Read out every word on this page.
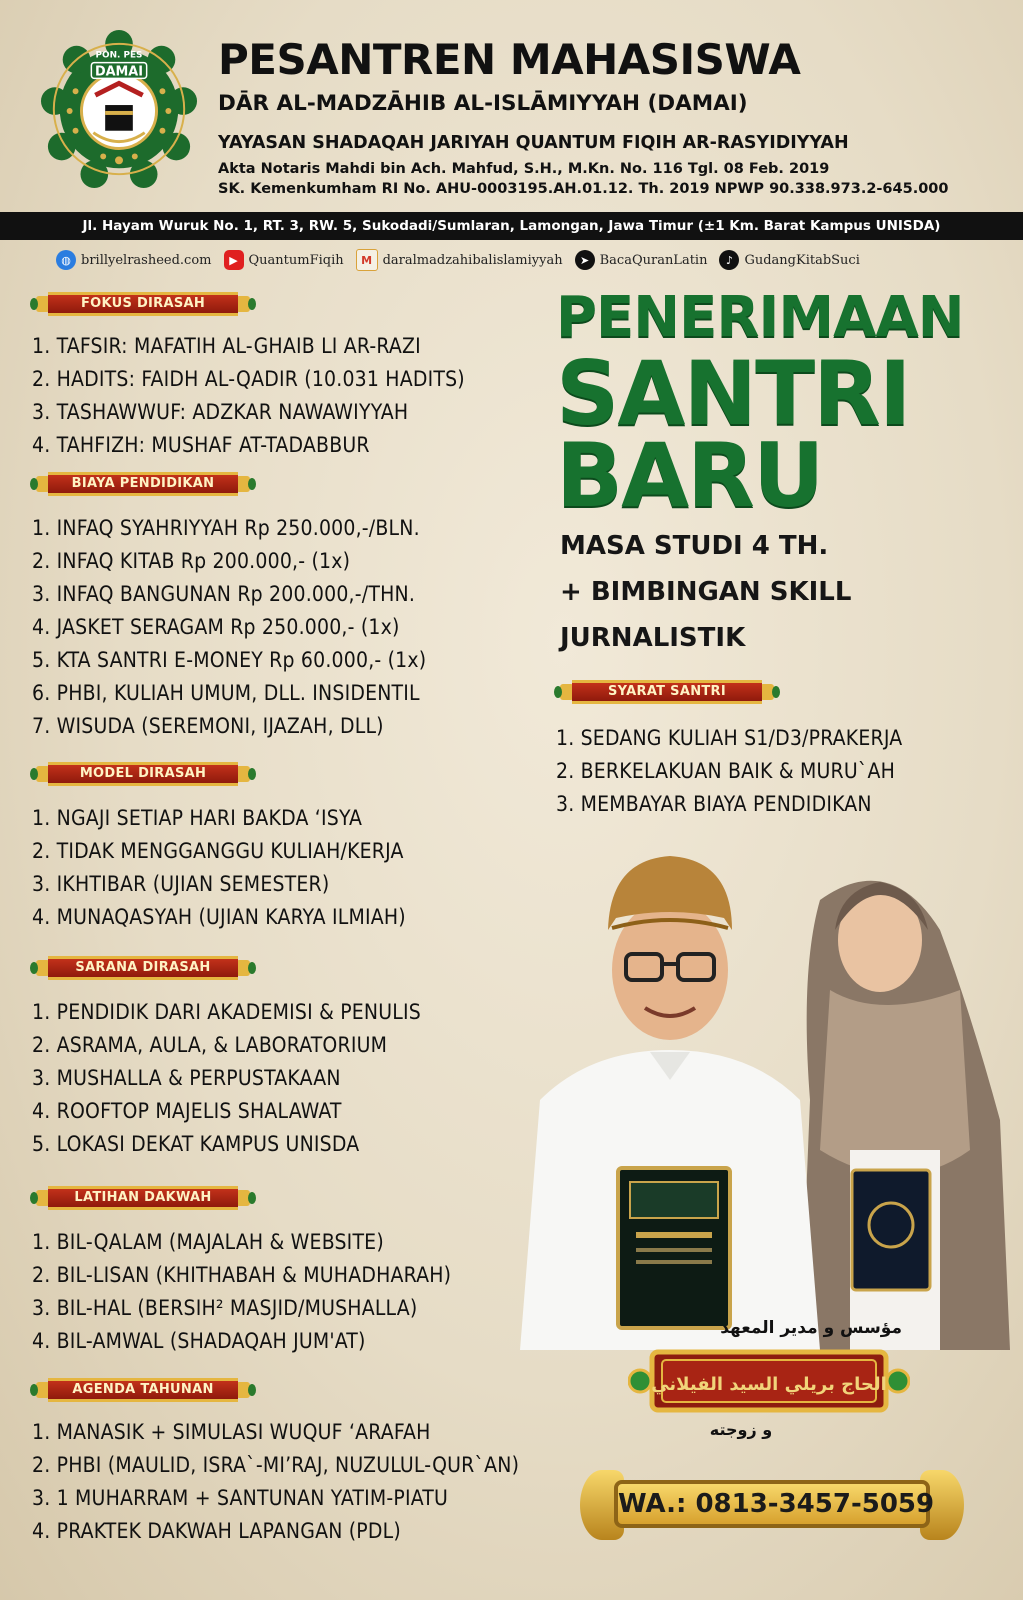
PON. PES
DAMAI PESANTREN MAHASISWA
DĀR AL-MADZĀHIB AL-ISLĀMIYYAH (DAMAI)
YAYASAN SHADAQAH JARIYAH QUANTUM FIQIH AR-RASYIDIYYAH
Akta Notaris Mahdi bin Ach. Mahfud, S.H., M.Kn. No. 116 Tgl. 08 Feb. 2019
SK. Kemenkumham RI No. AHU-0003195.AH.01.12. Th. 2019 NPWP 90.338.973.2-645.000
Jl. Hayam Wuruk No. 1, RT. 3, RW. 5, Sukodadi/Sumlaran, Lamongan, Jawa Timur (±1 Km. Barat Kampus UNISDA)
◍ brillyelrasheed.com	▶ QuantumFiqih	M daralmadzahibalislamiyyah	➤ BacaQuranLatin	♪ GudangKitabSuci
FOKUS DIRASAH
1. TAFSIR: MAFATIH AL-GHAIB LI AR-RAZI
2. HADITS: FAIDH AL-QADIR (10.031 HADITS)
3. TASHAWWUF: ADZKAR NAWAWIYYAH
4. TAHFIZH: MUSHAF AT-TADABBUR
BIAYA PENDIDIKAN
1. INFAQ SYAHRIYYAH Rp 250.000,-/BLN.
2. INFAQ KITAB Rp 200.000,- (1x)
3. INFAQ BANGUNAN Rp 200.000,-/THN.
4. JASKET SERAGAM Rp 250.000,- (1x)
5. KTA SANTRI E-MONEY Rp 60.000,- (1x)
6. PHBI, KULIAH UMUM, DLL. INSIDENTIL
7. WISUDA (SEREMONI, IJAZAH, DLL)
MODEL DIRASAH
1. NGAJI SETIAP HARI BAKDA ‘ISYA
2. TIDAK MENGGANGGU KULIAH/KERJA
3. IKHTIBAR (UJIAN SEMESTER)
4. MUNAQASYAH (UJIAN KARYA ILMIAH)
SARANA DIRASAH
1. PENDIDIK DARI AKADEMISI & PENULIS
2. ASRAMA, AULA, & LABORATORIUM
3. MUSHALLA & PERPUSTAKAAN
4. ROOFTOP MAJELIS SHALAWAT
5. LOKASI DEKAT KAMPUS UNISDA
LATIHAN DAKWAH
1. BIL-QALAM (MAJALAH & WEBSITE)
2. BIL-LISAN (KHITHABAH & MUHADHARAH)
3. BIL-HAL (BERSIH² MASJID/MUSHALLA)
4. BIL-AMWAL (SHADAQAH JUM'AT)
AGENDA TAHUNAN
1. MANASIK + SIMULASI WUQUF ‘ARAFAH
2. PHBI (MAULID, ISRA`-MI’RAJ, NUZULUL-QUR`AN)
3. 1 MUHARRAM + SANTUNAN YATIM-PIATU
4. PRAKTEK DAKWAH LAPANGAN (PDL)
PENERIMAAN
SANTRI
BARU
MASA STUDI 4 TH.
+ BIMBINGAN SKILL
JURNALISTIK
SYARAT SANTRI
1. SEDANG KULIAH S1/D3/PRAKERJA
2. BERKELAKUAN BAIK & MURU`AH
3. MEMBAYAR BIAYA PENDIDIKAN
مؤسس و مدير المعهد
الحاج بريلي السيد الفيلاني
و زوجته
WA.: 0813-3457-5059
